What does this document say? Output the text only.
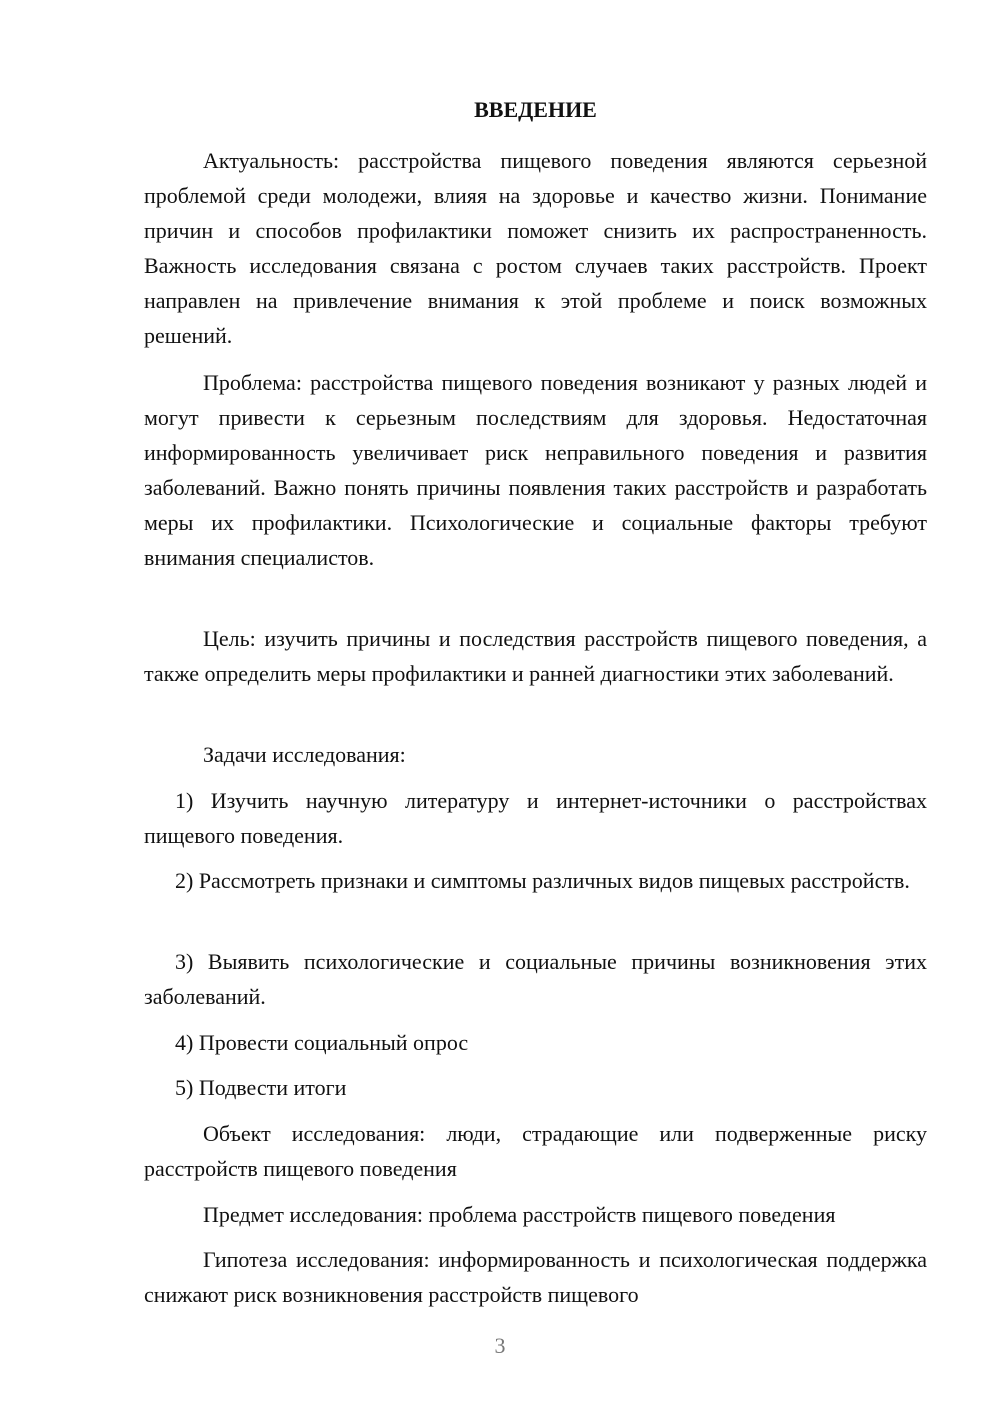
ВВЕДЕНИЕ
Актуальность: расстройства пищевого поведения являются серьезной проблемой среди молодежи, влияя на здоровье и качество жизни. Понимание причин и способов профилактики поможет снизить их распространенность. Важность исследования связана с ростом случаев таких расстройств. Проект направлен на привлечение внимания к этой проблеме и поиск возможных решений.
Проблема: расстройства пищевого поведения возникают у разных людей и могут привести к серьезным последствиям для здоровья. Недостаточная информированность увеличивает риск неправильного поведения и развития заболеваний. Важно понять причины появления таких расстройств и разработать меры их профилактики. Психологические и социальные факторы требуют внимания специалистов.
Цель: изучить причины и последствия расстройств пищевого поведения, а также определить меры профилактики и ранней диагностики этих заболеваний.
Задачи исследования:
1) Изучить научную литературу и интернет-источники о расстройствах пищевого поведения.
2) Рассмотреть признаки и симптомы различных видов пищевых расстройств.
3) Выявить психологические и социальные причины возникновения этих заболеваний.
4) Провести социальный опрос
5) Подвести итоги
Объект исследования: люди, страдающие или подверженные риску расстройств пищевого поведения
Предмет исследования: проблема расстройств пищевого поведения
Гипотеза исследования: информированность и психологическая поддержка снижают риск возникновения расстройств пищевого
3
